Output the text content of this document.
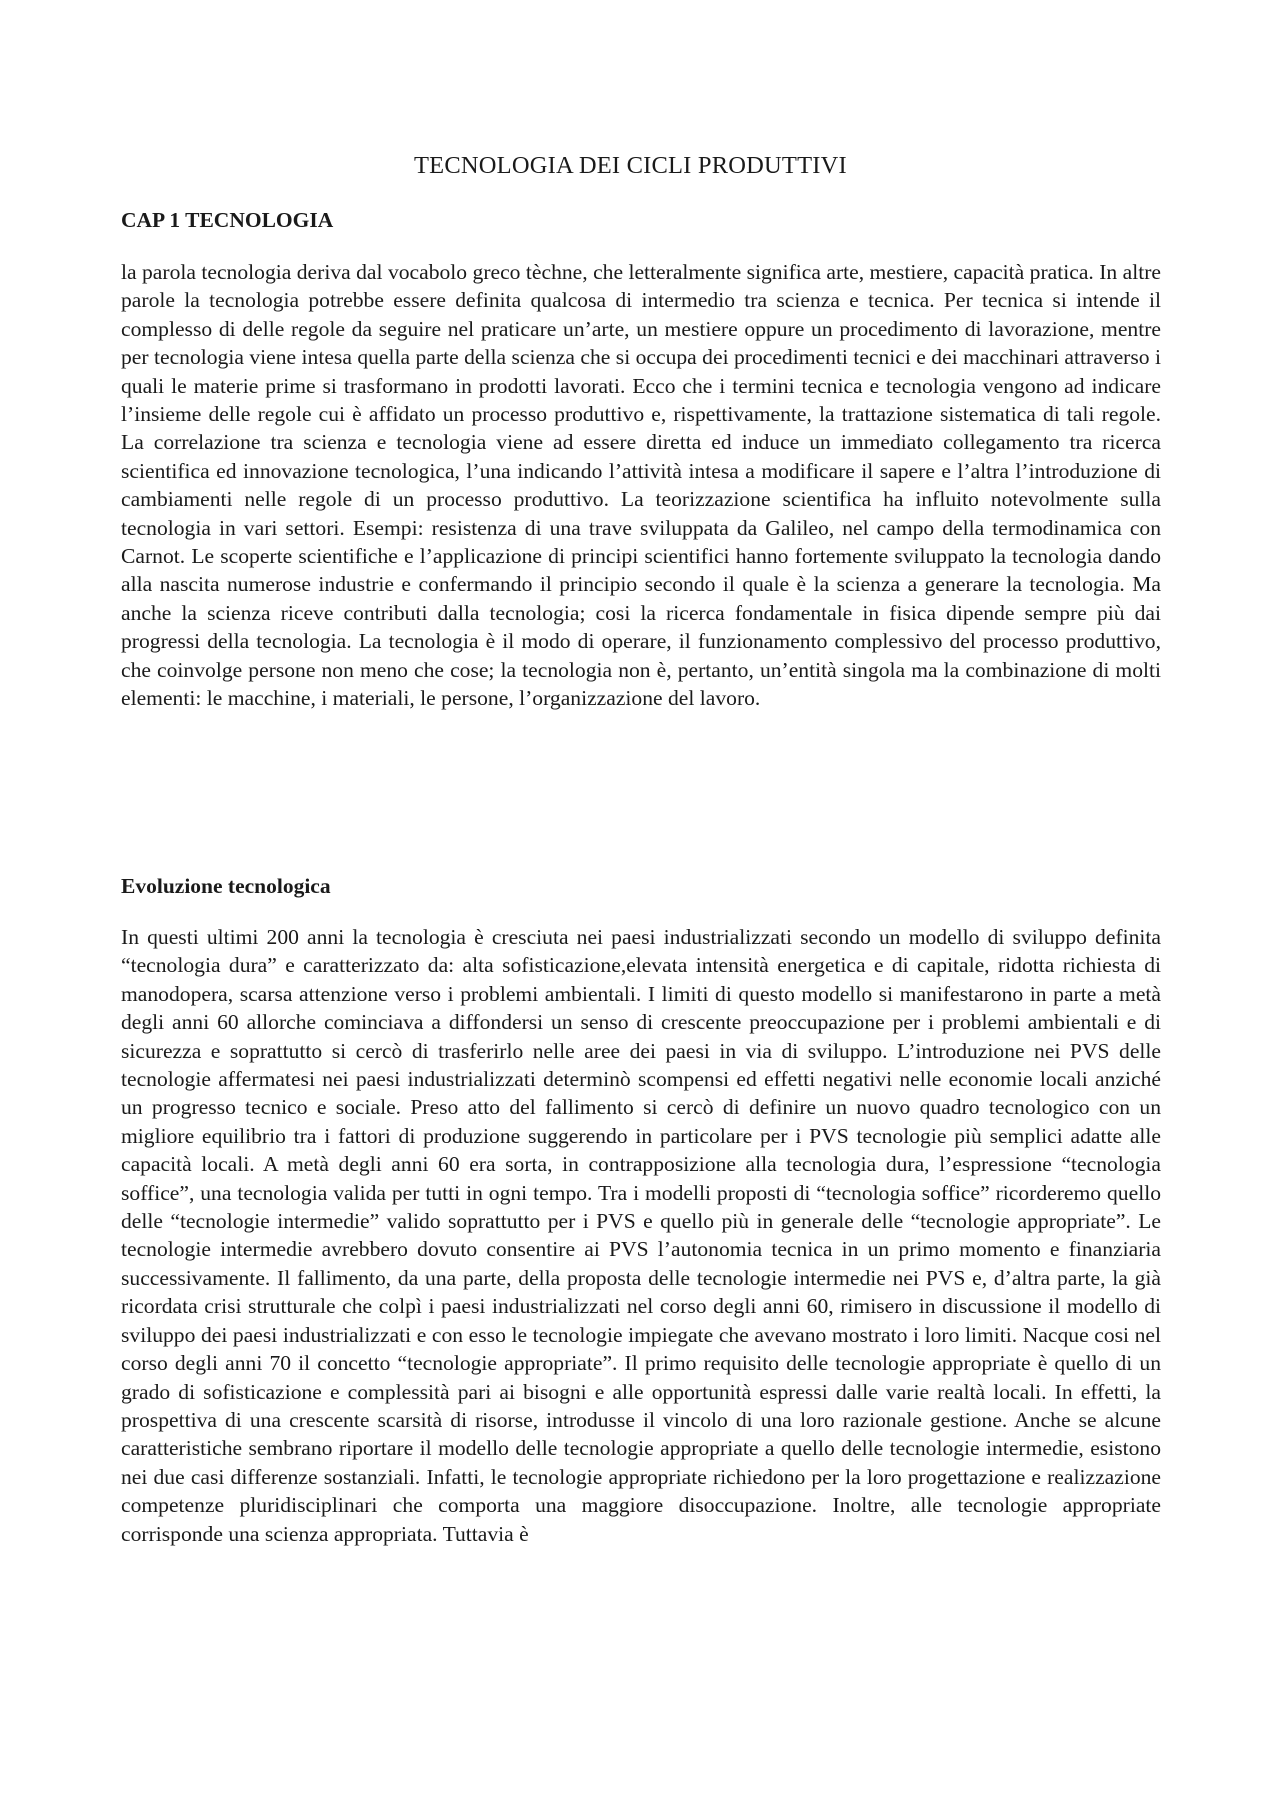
TECNOLOGIA DEI CICLI PRODUTTIVI
CAP 1 TECNOLOGIA

la parola tecnologia deriva dal vocabolo greco tèchne, che letteralmente significa arte, mestiere, capacità pratica. In altre parole la tecnologia potrebbe essere definita qualcosa di intermedio tra scienza e tecnica. Per tecnica si intende il complesso di delle regole da seguire nel praticare un’arte, un mestiere oppure un procedimento di lavorazione, mentre per tecnologia viene intesa quella parte della scienza che si occupa dei procedimenti tecnici e dei macchinari attraverso i quali le materie prime si trasformano in prodotti lavorati. Ecco che i termini tecnica e tecnologia vengono ad indicare l’insieme delle regole cui è affidato un processo produttivo e, rispettivamente, la trattazione sistematica di tali regole. La correlazione tra scienza e tecnologia viene ad essere diretta ed induce un immediato collegamento tra ricerca scientifica ed innovazione tecnologica, l’una indicando l’attività intesa a modificare il sapere e l’altra l’introduzione di cambiamenti nelle regole di un processo produttivo. La teorizzazione scientifica ha influito notevolmente sulla tecnologia in vari settori. Esempi: resistenza di una trave sviluppata da Galileo, nel campo della termodinamica con Carnot. Le scoperte scientifiche e l’applicazione di principi scientifici hanno fortemente sviluppato la tecnologia dando alla nascita numerose industrie e confermando il principio secondo il quale è la scienza a generare la tecnologia. Ma anche la scienza riceve contributi dalla tecnologia; cosi la ricerca fondamentale in fisica dipende sempre più dai progressi della tecnologia. La tecnologia è il modo di operare, il funzionamento complessivo del processo produttivo, che coinvolge persone non meno che cose; la tecnologia non è, pertanto, un’entità singola ma la combinazione di molti elementi: le macchine, i materiali, le persone, l’organizzazione del lavoro.

Evoluzione tecnologica

In questi ultimi 200 anni la tecnologia è cresciuta nei paesi industrializzati secondo un modello di sviluppo definita “tecnologia dura” e caratterizzato da: alta sofisticazione,elevata intensità energetica e di capitale, ridotta richiesta di manodopera, scarsa attenzione verso i problemi ambientali. I limiti di questo modello si manifestarono in parte a metà degli anni 60 allorche cominciava a diffondersi un senso di crescente preoccupazione per i problemi ambientali e di sicurezza e soprattutto si cercò di trasferirlo nelle aree dei paesi in via di sviluppo. L’introduzione nei PVS delle tecnologie affermatesi nei paesi industrializzati determinò scompensi ed effetti negativi nelle economie locali anziché un progresso tecnico e sociale. Preso atto del fallimento si cercò di definire un nuovo quadro tecnologico con un migliore equilibrio tra i fattori di produzione suggerendo in particolare per i PVS tecnologie più semplici adatte alle capacità locali. A metà degli anni 60 era sorta, in contrapposizione alla tecnologia dura, l’espressione “tecnologia soffice”, una tecnologia valida per tutti in ogni tempo. Tra i modelli proposti di “tecnologia soffice” ricorderemo quello delle “tecnologie intermedie” valido soprattutto per i PVS e quello più in generale delle “tecnologie appropriate”. Le tecnologie intermedie avrebbero dovuto consentire ai PVS l’autonomia tecnica in un primo momento e finanziaria successivamente. Il fallimento, da una parte, della proposta delle tecnologie intermedie nei PVS e, d’altra parte, la già ricordata crisi strutturale che colpì i paesi industrializzati nel corso degli anni 60, rimisero in discussione il modello di sviluppo dei paesi industrializzati e con esso le tecnologie impiegate che avevano mostrato i loro limiti. Nacque cosi nel corso degli anni 70 il concetto “tecnologie appropriate”. Il primo requisito delle tecnologie appropriate è quello di un grado di sofisticazione e complessità pari ai bisogni e alle opportunità espressi dalle varie realtà locali. In effetti, la prospettiva di una crescente scarsità di risorse, introdusse il vincolo di una loro razionale gestione. Anche se alcune caratteristiche sembrano riportare il modello delle tecnologie appropriate a quello delle tecnologie intermedie, esistono nei due casi differenze sostanziali. Infatti, le tecnologie appropriate richiedono per la loro progettazione e realizzazione competenze pluridisciplinari che comporta una maggiore disoccupazione. Inoltre, alle tecnologie appropriate corrisponde una scienza appropriata. Tuttavia è
